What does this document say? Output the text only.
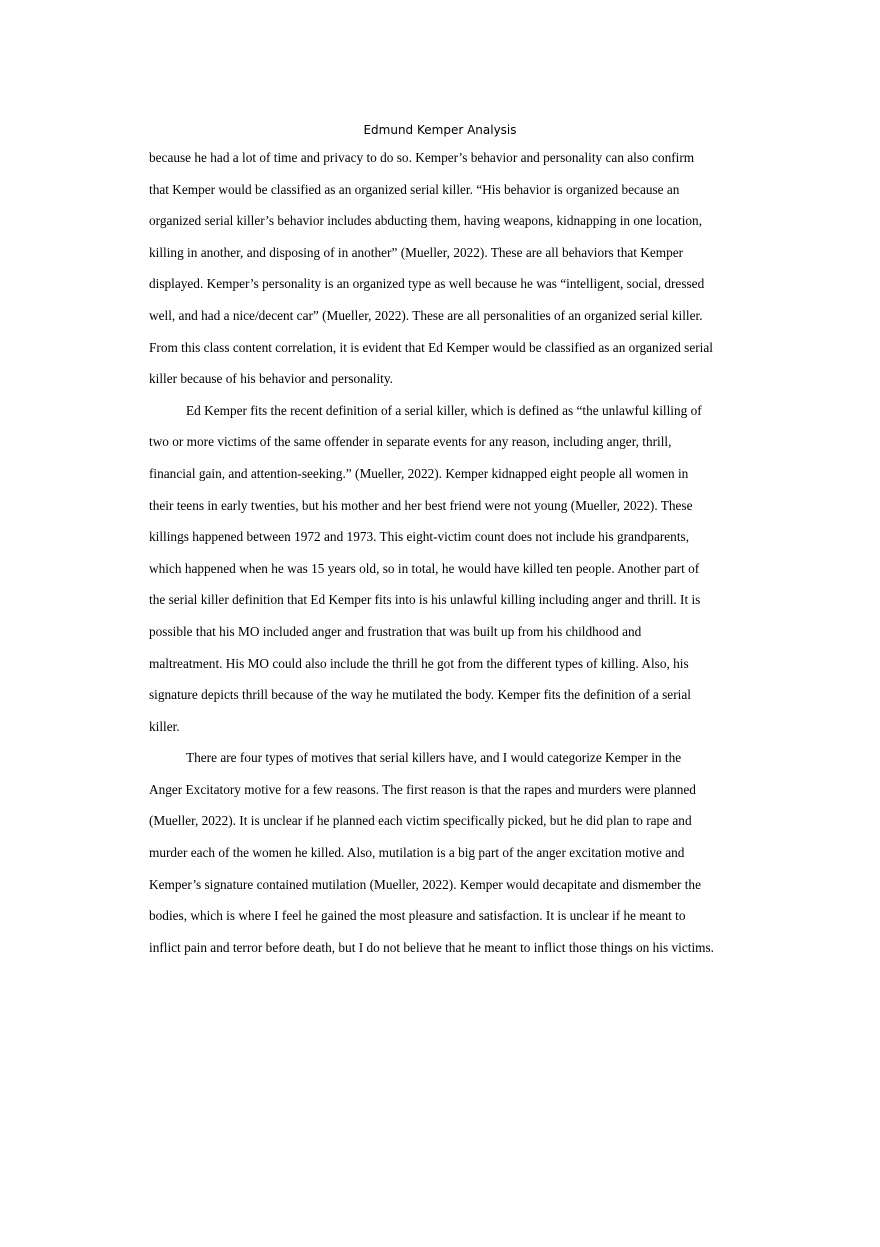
Edmund Kemper Analysis
because he had a lot of time and privacy to do so. Kemper’s behavior and personality can also confirm
that Kemper would be classified as an organized serial killer. “His behavior is organized because an
organized serial killer’s behavior includes abducting them, having weapons, kidnapping in one location,
killing in another, and disposing of in another” (Mueller, 2022). These are all behaviors that Kemper
displayed. Kemper’s personality is an organized type as well because he was “intelligent, social, dressed
well, and had a nice/decent car” (Mueller, 2022). These are all personalities of an organized serial killer.
From this class content correlation, it is evident that Ed Kemper would be classified as an organized serial
killer because of his behavior and personality.
Ed Kemper fits the recent definition of a serial killer, which is defined as “the unlawful killing of
two or more victims of the same offender in separate events for any reason, including anger, thrill,
financial gain, and attention-seeking.” (Mueller, 2022). Kemper kidnapped eight people all women in
their teens in early twenties, but his mother and her best friend were not young (Mueller, 2022). These
killings happened between 1972 and 1973. This eight-victim count does not include his grandparents,
which happened when he was 15 years old, so in total, he would have killed ten people. Another part of
the serial killer definition that Ed Kemper fits into is his unlawful killing including anger and thrill. It is
possible that his MO included anger and frustration that was built up from his childhood and
maltreatment. His MO could also include the thrill he got from the different types of killing. Also, his
signature depicts thrill because of the way he mutilated the body. Kemper fits the definition of a serial
killer.
There are four types of motives that serial killers have, and I would categorize Kemper in the
Anger Excitatory motive for a few reasons. The first reason is that the rapes and murders were planned
(Mueller, 2022). It is unclear if he planned each victim specifically picked, but he did plan to rape and
murder each of the women he killed. Also, mutilation is a big part of the anger excitation motive and
Kemper’s signature contained mutilation (Mueller, 2022). Kemper would decapitate and dismember the
bodies, which is where I feel he gained the most pleasure and satisfaction. It is unclear if he meant to
inflict pain and terror before death, but I do not believe that he meant to inflict those things on his victims.
